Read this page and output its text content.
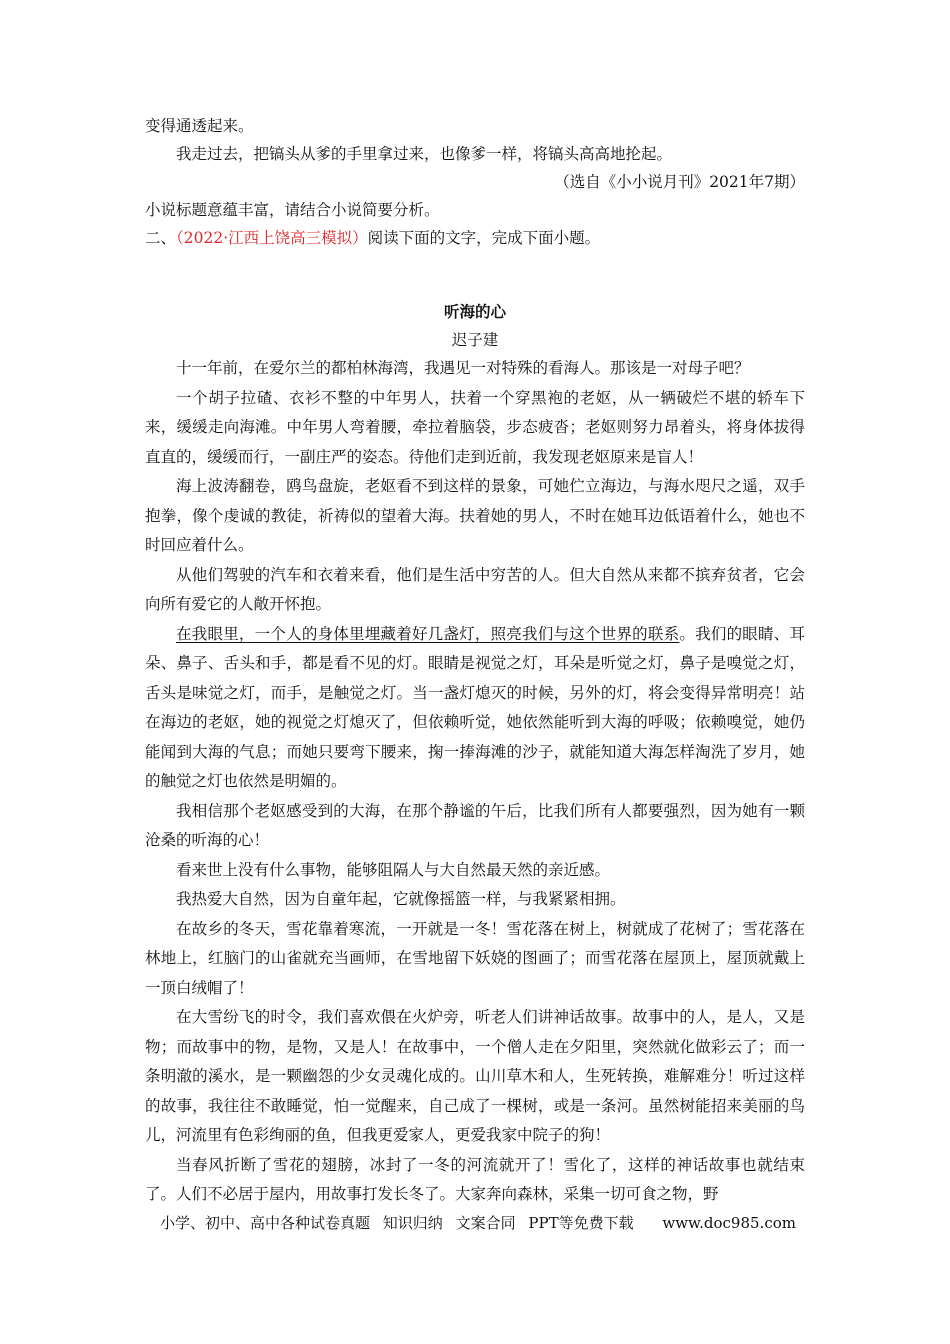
变得通透起来。
我走过去，把镐头从爹的手里拿过来，也像爹一样，将镐头高高地抡起。
（选自《小小说月刊》2021年7期）
小说标题意蕴丰富，请结合小说简要分析。
二、（2022·江西上饶高三模拟）阅读下面的文字，完成下面小题。
听海的心
迟子建
十一年前，在爱尔兰的都柏林海湾，我遇见一对特殊的看海人。那该是一对母子吧？
一个胡子拉碴、衣衫不整的中年男人，扶着一个穿黑袍的老妪，从一辆破烂不堪的轿车下来，缓缓走向海滩。中年男人弯着腰，牵拉着脑袋，步态疲沓；老妪则努力昂着头，将身体拔得直直的，缓缓而行，一副庄严的姿态。待他们走到近前，我发现老妪原来是盲人！
海上波涛翻卷，鸥鸟盘旋，老妪看不到这样的景象，可她伫立海边，与海水咫尺之遥，双手抱拳，像个虔诚的教徒，祈祷似的望着大海。扶着她的男人，不时在她耳边低语着什么，她也不时回应着什么。
从他们驾驶的汽车和衣着来看，他们是生活中穷苦的人。但大自然从来都不摈弃贫者，它会向所有爱它的人敞开怀抱。
在我眼里，一个人的身体里埋藏着好几盏灯，照亮我们与这个世界的联系。我们的眼睛、耳朵、鼻子、舌头和手，都是看不见的灯。眼睛是视觉之灯，耳朵是听觉之灯，鼻子是嗅觉之灯，舌头是味觉之灯，而手，是触觉之灯。当一盏灯熄灭的时候，另外的灯，将会变得异常明亮！站在海边的老妪，她的视觉之灯熄灭了，但依赖听觉，她依然能听到大海的呼吸；依赖嗅觉，她仍能闻到大海的气息；而她只要弯下腰来，掬一捧海滩的沙子，就能知道大海怎样淘洗了岁月，她的触觉之灯也依然是明媚的。
我相信那个老妪感受到的大海，在那个静谧的午后，比我们所有人都要强烈，因为她有一颗沧桑的听海的心！
看来世上没有什么事物，能够阻隔人与大自然最天然的亲近感。
我热爱大自然，因为自童年起，它就像摇篮一样，与我紧紧相拥。
在故乡的冬天，雪花靠着寒流，一开就是一冬！雪花落在树上，树就成了花树了；雪花落在林地上，红脑门的山雀就充当画师，在雪地留下妖娆的图画了；而雪花落在屋顶上，屋顶就戴上一顶白绒帽了！
在大雪纷飞的时令，我们喜欢偎在火炉旁，听老人们讲神话故事。故事中的人，是人，又是物；而故事中的物，是物，又是人！在故事中，一个僧人走在夕阳里，突然就化做彩云了；而一条明澈的溪水，是一颗幽怨的少女灵魂化成的。山川草木和人，生死转换，难解难分！听过这样的故事，我往往不敢睡觉，怕一觉醒来，自己成了一棵树，或是一条河。虽然树能招来美丽的鸟儿，河流里有色彩绚丽的鱼，但我更爱家人，更爱我家中院子的狗！
当春风折断了雪花的翅膀，冰封了一冬的河流就开了！雪化了，这样的神话故事也就结束了。人们不必居于屋内，用故事打发长冬了。大家奔向森林，采集一切可食之物，野
小学、初中、高中各种试卷真题 知识归纳 文案合同 PPT等免费下载 www.doc985.com
